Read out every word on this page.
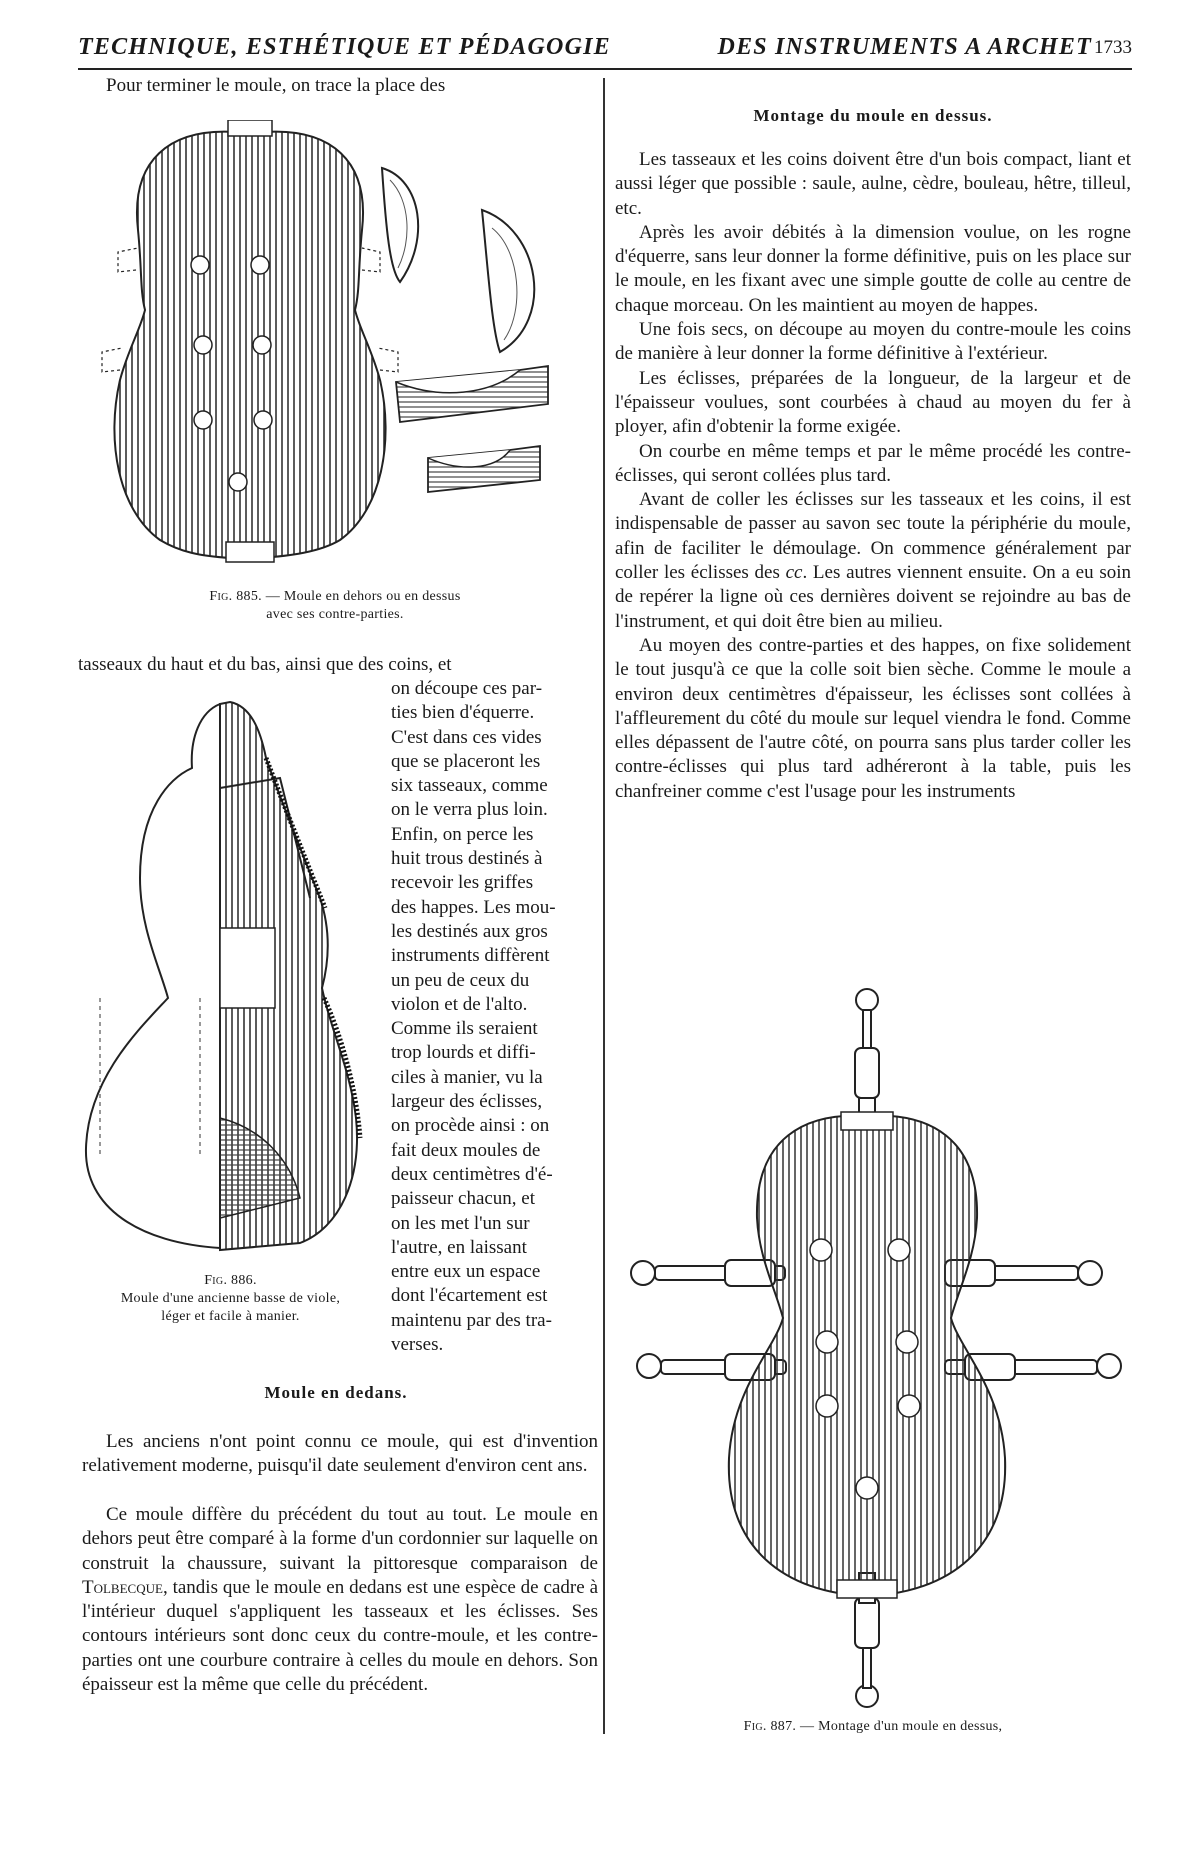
TECHNIQUE, ESTHÉTIQUE ET PÉDAGOGIE	DES INSTRUMENTS A ARCHET 1733

Pour terminer le moule, on trace la place des

Fig. 885. — Moule en dehors ou en dessus
avec ses contre-parties.

tasseaux du haut et du bas, ainsi que des coins, et

Fig. 886.
Moule d'une ancienne basse de viole,
léger et facile à manier.
on découpe ces par-
ties bien d'équerre.
C'est dans ces vides
que se placeront les
six tasseaux, comme
on le verra plus loin.
Enfin, on perce les
huit trous destinés à
recevoir les griffes
des happes. Les mou-
les destinés aux gros
instruments diffèrent
un peu de ceux du
violon et de l'alto.
Comme ils seraient
trop lourds et diffi-
ciles à manier, vu la
largeur des éclisses,
on procède ainsi : on
fait deux moules de
deux centimètres d'é-
paisseur chacun, et
on les met l'un sur
l'autre, en laissant
entre eux un espace
dont l'écartement est
maintenu par des tra-
verses.
Moule en dedans.

Les anciens n'ont point connu ce moule, qui est d'invention relativement moderne, puisqu'il date seulement d'environ cent ans.

Ce moule diffère du précédent du tout au tout. Le moule en dehors peut être comparé à la forme d'un cordonnier sur laquelle on construit la chaussure, suivant la pittoresque comparaison de Tolbecque, tandis que le moule en dedans est une espèce de cadre à l'intérieur duquel s'appliquent les tasseaux et les éclisses. Ses contours intérieurs sont donc ceux du contre-moule, et les contre-parties ont une courbure contraire à celles du moule en dehors. Son épaisseur est la même que celle du précédent.

Montage du moule en dessus.

Les tasseaux et les coins doivent être d'un bois compact, liant et aussi léger que possible : saule, aulne, cèdre, bouleau, hêtre, tilleul, etc.

Après les avoir débités à la dimension voulue, on les rogne d'équerre, sans leur donner la forme définitive, puis on les place sur le moule, en les fixant avec une simple goutte de colle au centre de chaque morceau. On les maintient au moyen de happes.

Une fois secs, on découpe au moyen du contre-moule les coins de manière à leur donner la forme définitive à l'extérieur.

Les éclisses, préparées de la longueur, de la largeur et de l'épaisseur voulues, sont courbées à chaud au moyen du fer à ployer, afin d'obtenir la forme exigée.

On courbe en même temps et par le même procédé les contre-éclisses, qui seront collées plus tard.

Avant de coller les éclisses sur les tasseaux et les coins, il est indispensable de passer au savon sec toute la périphérie du moule, afin de faciliter le démoulage. On commence généralement par coller les éclisses des cc. Les autres viennent ensuite. On a eu soin de repérer la ligne où ces dernières doivent se rejoindre au bas de l'instrument, et qui doit être bien au milieu.

Au moyen des contre-parties et des happes, on fixe solidement le tout jusqu'à ce que la colle soit bien sèche. Comme le moule a environ deux centimètres d'épaisseur, les éclisses sont collées à l'affleurement du côté du moule sur lequel viendra le fond. Comme elles dépassent de l'autre côté, on pourra sans plus tarder coller les contre-éclisses qui plus tard adhéreront à la table, puis les chanfreiner comme c'est l'usage pour les instruments

Fig. 887. — Montage d'un moule en dessus,
